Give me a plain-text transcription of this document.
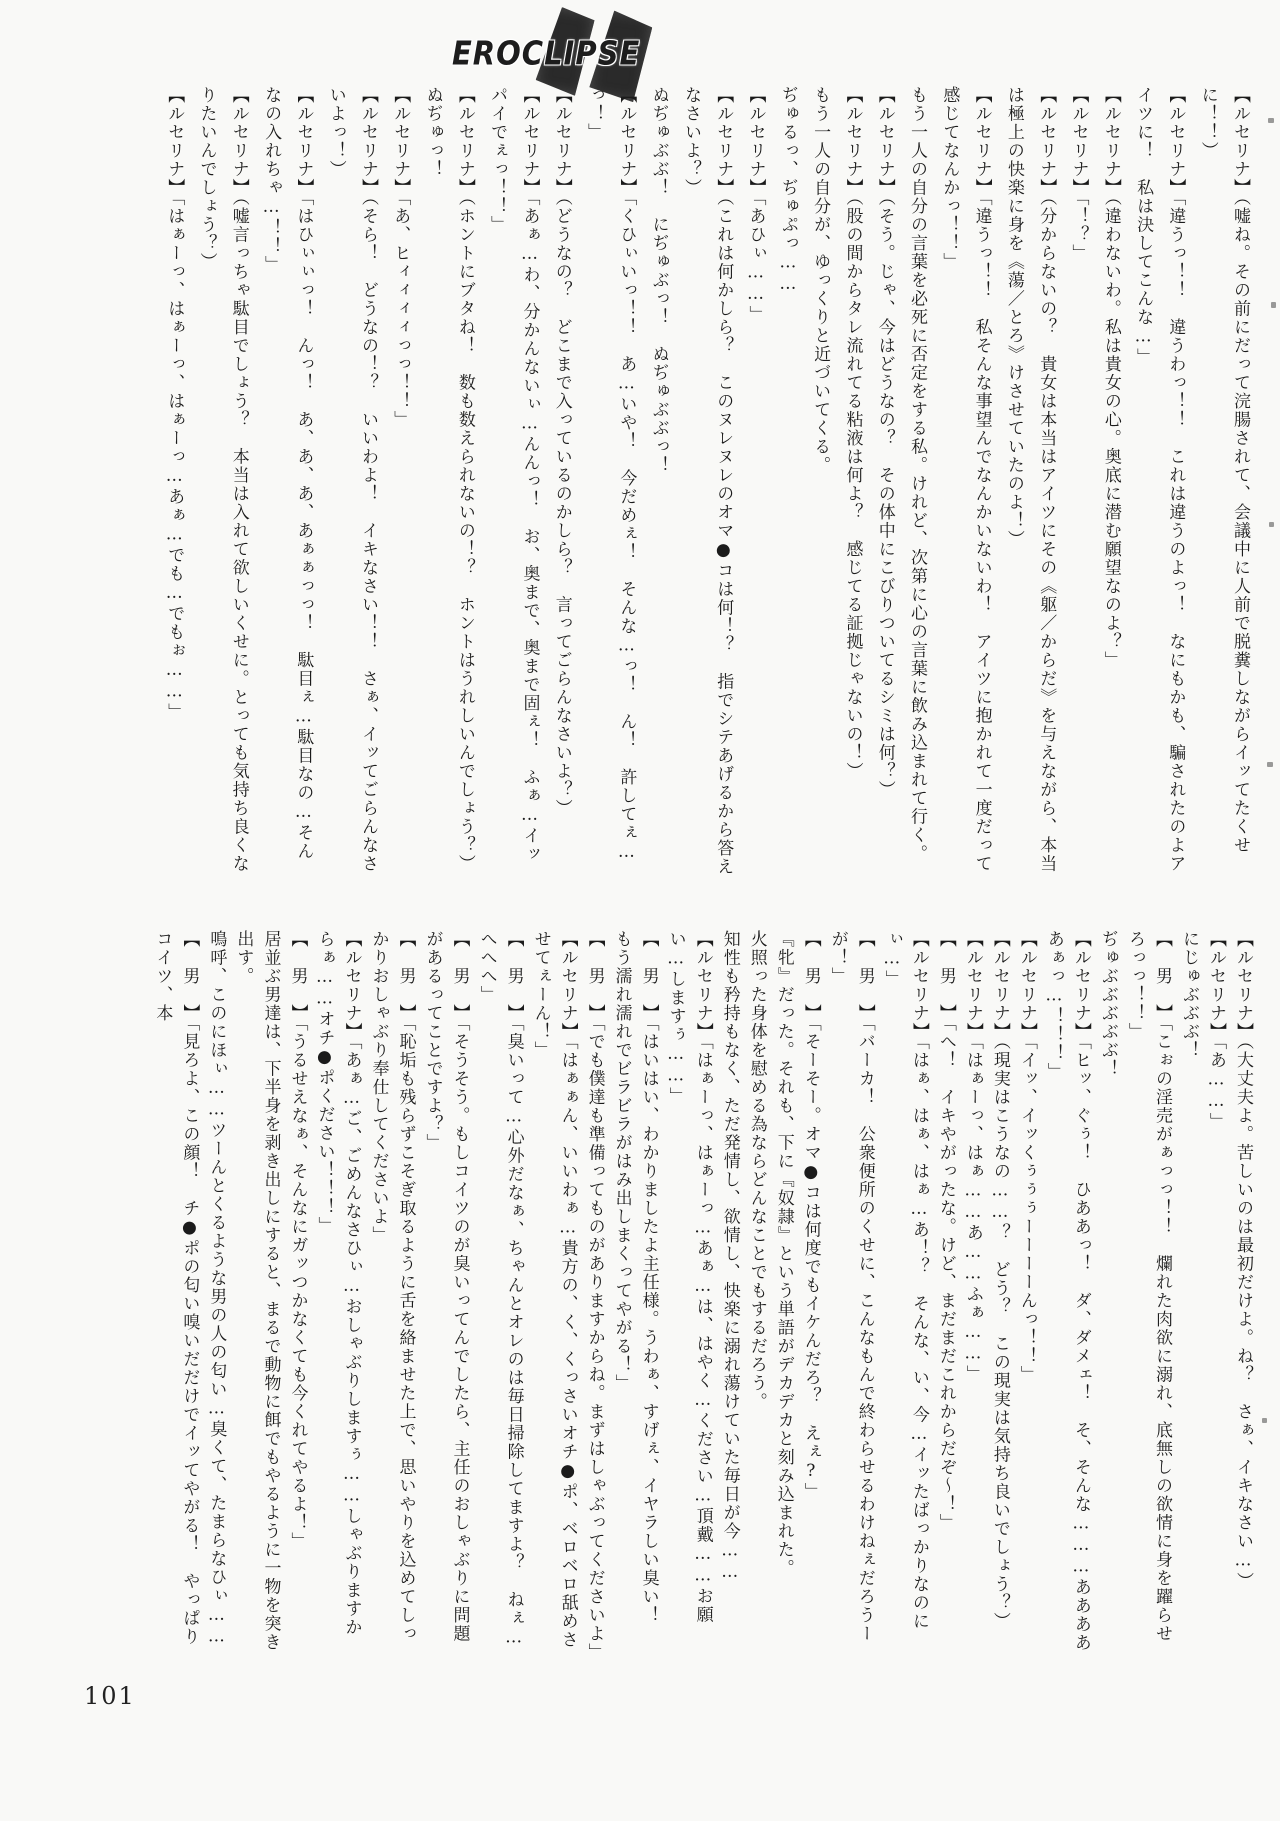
EROCLIPSE

【ルセリナ】（嘘ね。その前にだって浣腸されて、会議中に人前で脱糞しながらイッてたくせに！！）

【ルセリナ】「違うっ！！　違うわっ！！　これは違うのよっ！　なにもかも、騙されたのよアイツに！　私は決してこんな…」

【ルセリナ】（違わないわ。私は貴女の心。奥底に潜む願望なのよ？」

【ルセリナ】「！？」

【ルセリナ】（分からないの？　貴女は本当はアイツにその《躯／からだ》を与えながら、本当は極上の快楽に身を《蕩／とろ》けさせていたのよ！）

【ルセリナ】「違うっ！！　私そんな事望んでなんかいないわ！　アイツに抱かれて一度だって感じてなんかっ！！」

もう一人の自分の言葉を必死に否定をする私。けれど、次第に心の言葉に飲み込まれて行く。

【ルセリナ】（そう。じゃ、今はどうなの？　その体中にこびりついてるシミは何？）

【ルセリナ】（股の間からタレ流れてる粘液は何よ？　感じてる証拠じゃないの！）

もう一人の自分が、ゆっくりと近づいてくる。

ぢゅるっ、ぢゅぷっ……

【ルセリナ】「あひぃ……」

【ルセリナ】（これは何かしら？　このヌレヌレのオマ●コは何！？　指でシテあげるから答えなさいよ？）

ぬぢゅぶぶ！　にぢゅぶっ！　ぬぢゅぶぶっ！

【ルセリナ】「くひぃいっ！！　あ…いや！　今だめぇ！　そんな…っ！　ん！　許してぇ…っ！」

【ルセリナ】（どうなの？　どこまで入っているのかしら？　言ってごらんなさいよ？）

【ルセリナ】「あぁ…わ、分かんないぃ…んんっ！　お、奥まで、奥まで固ぇ！　ふぁ…イッパイでぇっ！！」

【ルセリナ】（ホントにブタね！　数も数えられないの！？　ホントはうれしいんでしょう？）

ぬぢゅっ！

【ルセリナ】「あ、ヒィィィィっっ！！」

【ルセリナ】（そら！　どうなの！？　いいわよ！　イキなさい！！　さぁ、イッてごらんなさいよっ！）

【ルセリナ】「はひぃぃっ！　んっ！　あ、あ、あ、あぁぁっっ！　駄目ぇ…駄目なの…そんなの入れちゃ…！！」

【ルセリナ】（嘘言っちゃ駄目でしょう？　本当は入れて欲しいくせに。とっても気持ち良くなりたいんでしょう？）

【ルセリナ】「はぁーっ、はぁーっ、はぁーっ…あぁ…でも…でもぉ……」

【ルセリナ】（大丈夫よ。苦しいのは最初だけよ。ね？　さぁ、イキなさい…）

【ルセリナ】「あ……」

にじゅぶぶぶ！

【　男　】「こぉの淫売がぁっっ！！　爛れた肉欲に溺れ、底無しの欲情に身を躍らせろっっ！！」

ぢゅぶぶぶぶぶ！

【ルセリナ】「ヒッ、ぐぅ！　ひああっ！　ダ、ダメェ！　そ、そんな………あああああぁっ…！！！」

【ルセリナ】「イッ、イッくぅぅぅーーーーんっ！！」

【ルセリナ】（現実はこうなの……？　どう？　この現実は気持ち良いでしょう？）

【ルセリナ】「はぁーっ、はぁ……あ……ふぁ……」

【　男　】「へ！　イキやがったな。けど、まだまだこれからだぞ～！」

【ルセリナ】「はぁ、はぁ、はぁ…あ！？　そんな、い、今…イッたばっかりなのにぃ…」

【　男　】「バーカ！　公衆便所のくせに、こんなもんで終わらせるわけねぇだろうーが！」

【　男　】「そーそー。オマ●コは何度でもイケんだろ？　えぇ?」

『牝』だった。それも、下に『奴隷』という単語がデカデカと刻み込まれた。

火照った身体を慰める為ならどんなことでもするだろう。

知性も矜持もなく、ただ発情し、欲情し、快楽に溺れ蕩けていた毎日が今……

【ルセリナ】「はぁーっ、はぁーっ…あぁ…は、はやく…ください…頂戴……お願い…しますぅ……」

【　男　】「はいはい、わかりましたよ主任様。うわぁ、すげぇ、イヤラしい臭い！　もう濡れ濡れでビラビラがはみ出しまくってやがる！」

【　男　】「でも僕達も準備ってものがありますからね。まずはしゃぶってくださいよ」

【ルセリナ】「はぁぁん、いいわぁ…貴方の、く、くっさいオチ●ポ、ベロベロ舐めさせてぇーん！」

【　男　】「臭いって…心外だなぁ、ちゃんとオレのは毎日掃除してますよ？　ねぇ…へへへ」

【　男　】「そうそう。もしコイツのが臭いってんでしたら、主任のおしゃぶりに問題があるってことですよ？」

【　男　】「恥垢も残らずこそぎ取るように舌を絡ませた上で、思いやりを込めてしっかりおしゃぶり奉仕してくださいよ」

【ルセリナ】「あぁ…ご、ごめんなさひぃ…おしゃぶりしますぅ……しゃぶりますからぁ……オチ●ポください！！！」

【　男　】「うるせえなぁ、そんなにガッつかなくても今くれてやるよ！」

居並ぶ男達は、下半身を剥き出しにすると、まるで動物に餌でもやるように一物を突き出す。

鳴呼、このにほぃ……ツーんとくるような男の人の匂い…臭くて、たまらなひぃ……

【　男　】「見ろよ、この顔！　チ●ポの匂い嗅いだだけでイッてやがる！　やっぱりコイツ、本

101
